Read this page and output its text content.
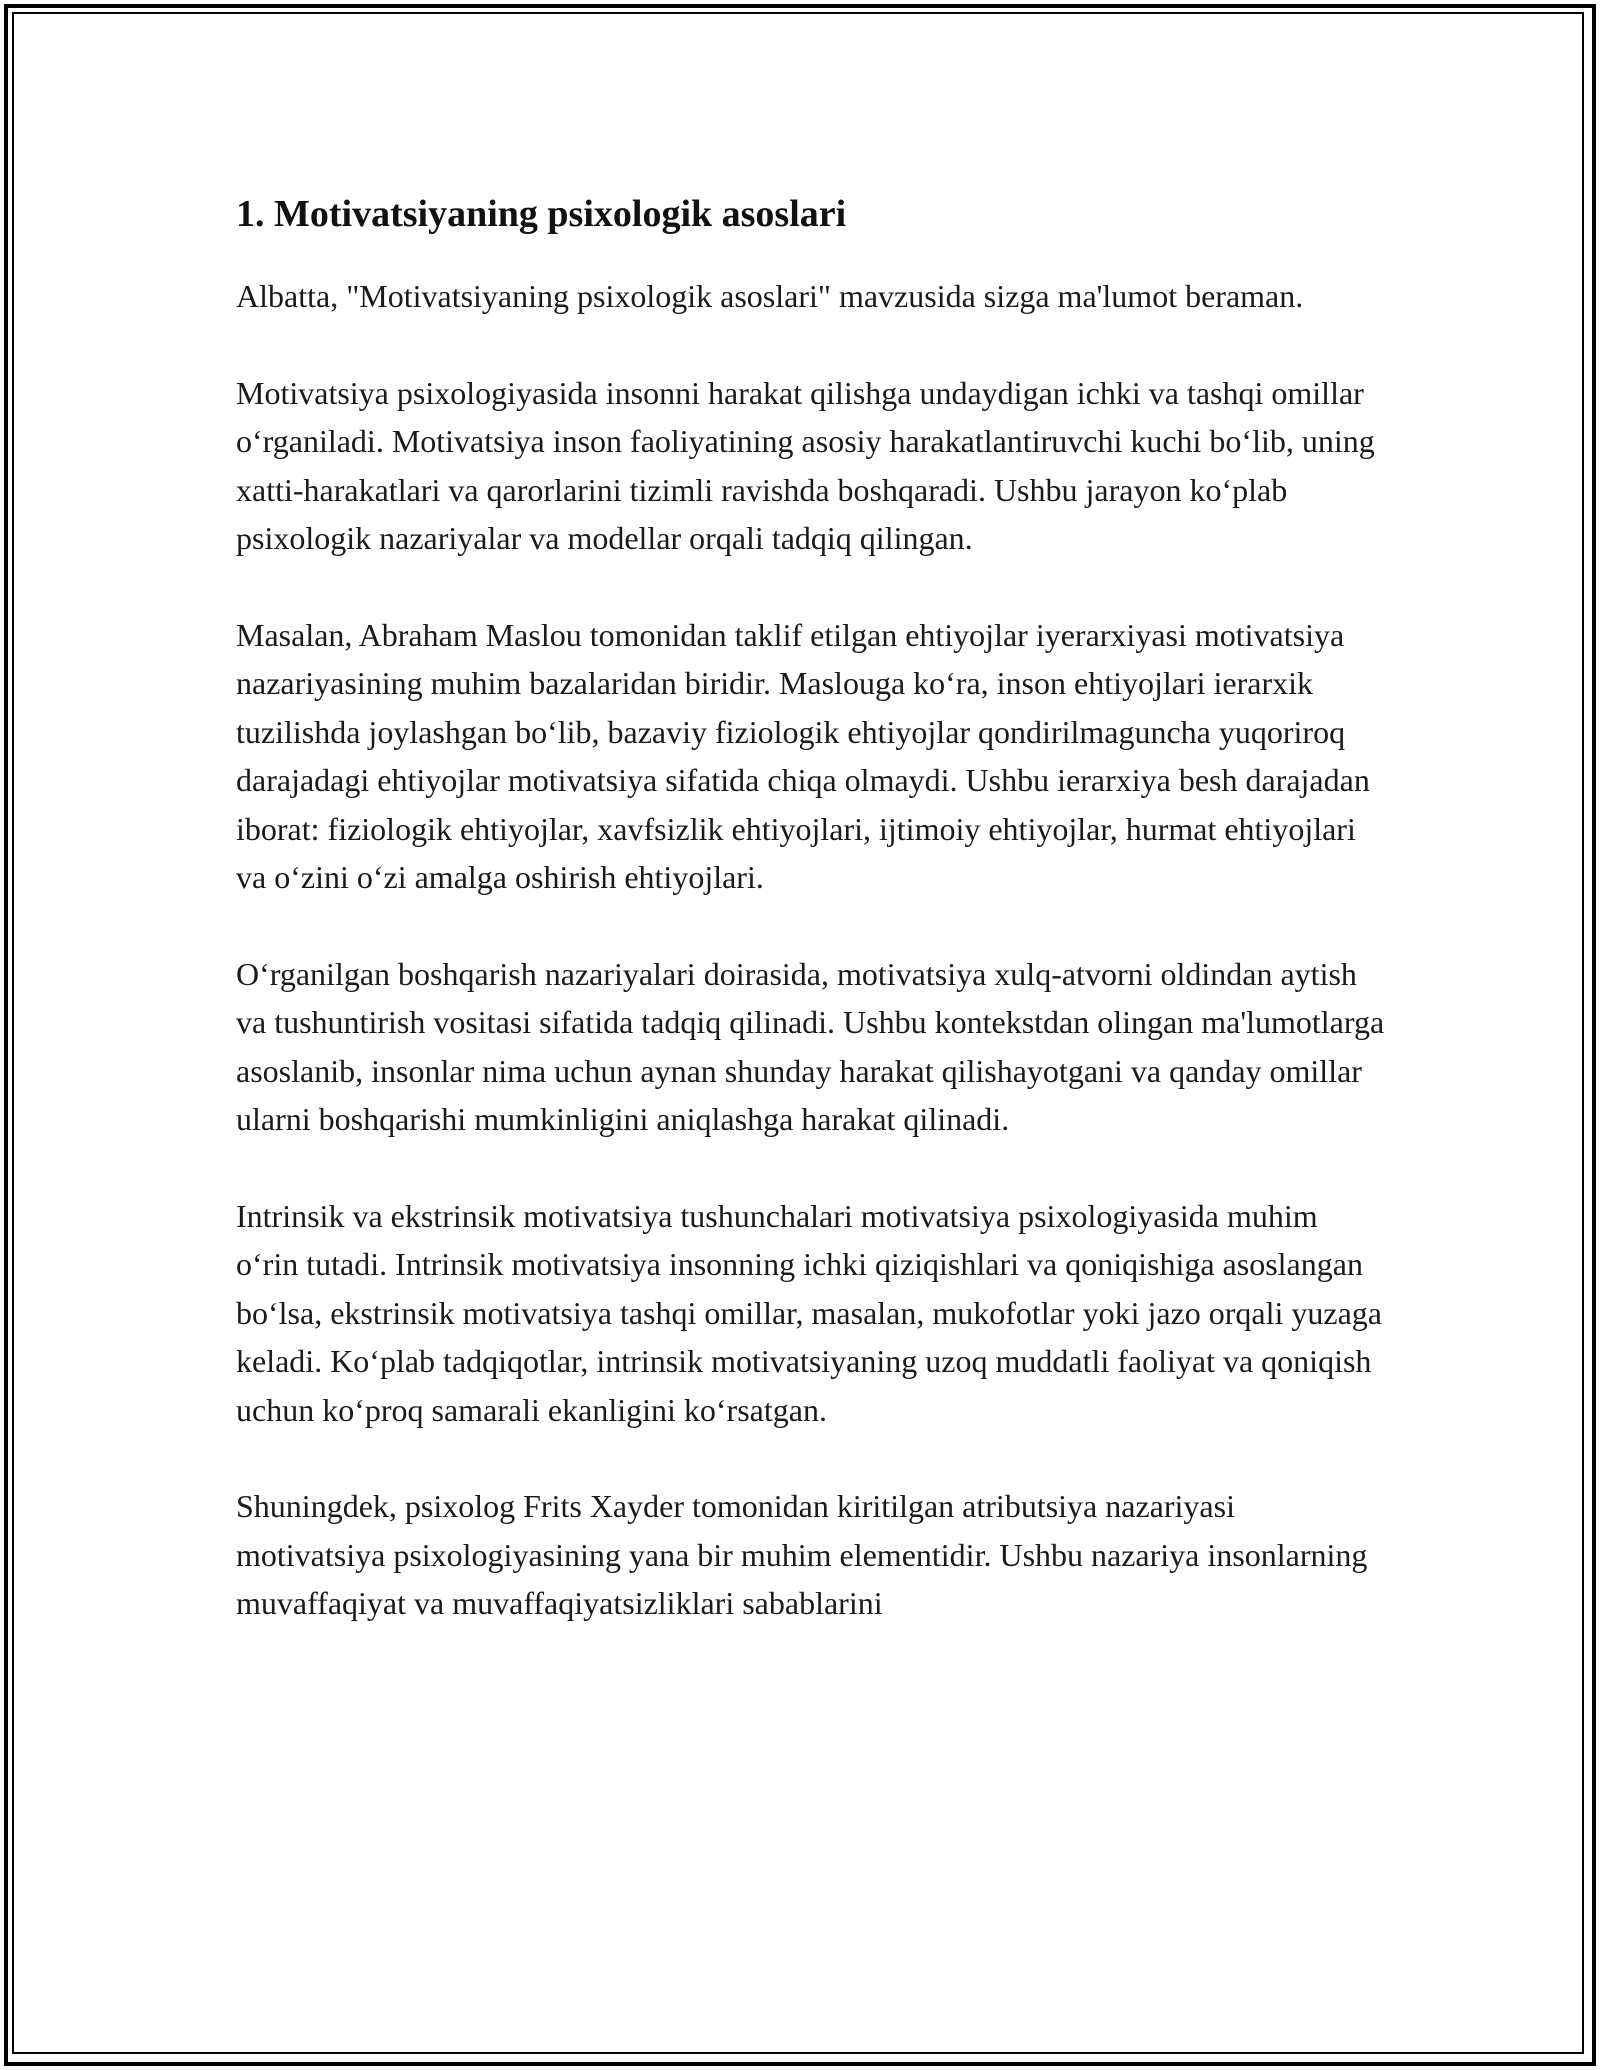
1. Motivatsiyaning psixologik asoslari

Albatta, "Motivatsiyaning psixologik asoslari" mavzusida sizga ma'lumot beraman.

Motivatsiya psixologiyasida insonni harakat qilishga undaydigan ichki va tashqi omillar o‘rganiladi. Motivatsiya inson faoliyatining asosiy harakatlantiruvchi kuchi bo‘lib, uning xatti-harakatlari va qarorlarini tizimli ravishda boshqaradi. Ushbu jarayon ko‘plab psixologik nazariyalar va modellar orqali tadqiq qilingan.

Masalan, Abraham Maslou tomonidan taklif etilgan ehtiyojlar iyerarxiyasi motivatsiya nazariyasining muhim bazalaridan biridir. Maslouga ko‘ra, inson ehtiyojlari ierarxik tuzilishda joylashgan bo‘lib, bazaviy fiziologik ehtiyojlar qondirilmaguncha yuqoriroq darajadagi ehtiyojlar motivatsiya sifatida chiqa olmaydi. Ushbu ierarxiya besh darajadan iborat: fiziologik ehtiyojlar, xavfsizlik ehtiyojlari, ijtimoiy ehtiyojlar, hurmat ehtiyojlari va o‘zini o‘zi amalga oshirish ehtiyojlari.

O‘rganilgan boshqarish nazariyalari doirasida, motivatsiya xulq-atvorni oldindan aytish va tushuntirish vositasi sifatida tadqiq qilinadi. Ushbu kontekstdan olingan ma'lumotlarga asoslanib, insonlar nima uchun aynan shunday harakat qilishayotgani va qanday omillar ularni boshqarishi mumkinligini aniqlashga harakat qilinadi.

Intrinsik va ekstrinsik motivatsiya tushunchalari motivatsiya psixologiyasida muhim o‘rin tutadi. Intrinsik motivatsiya insonning ichki qiziqishlari va qoniqishiga asoslangan bo‘lsa, ekstrinsik motivatsiya tashqi omillar, masalan, mukofotlar yoki jazo orqali yuzaga keladi. Ko‘plab tadqiqotlar, intrinsik motivatsiyaning uzoq muddatli faoliyat va qoniqish uchun ko‘proq samarali ekanligini ko‘rsatgan.

Shuningdek, psixolog Frits Xayder tomonidan kiritilgan atributsiya nazariyasi motivatsiya psixologiyasining yana bir muhim elementidir. Ushbu nazariya insonlarning muvaffaqiyat va muvaffaqiyatsizliklari sabablarini
